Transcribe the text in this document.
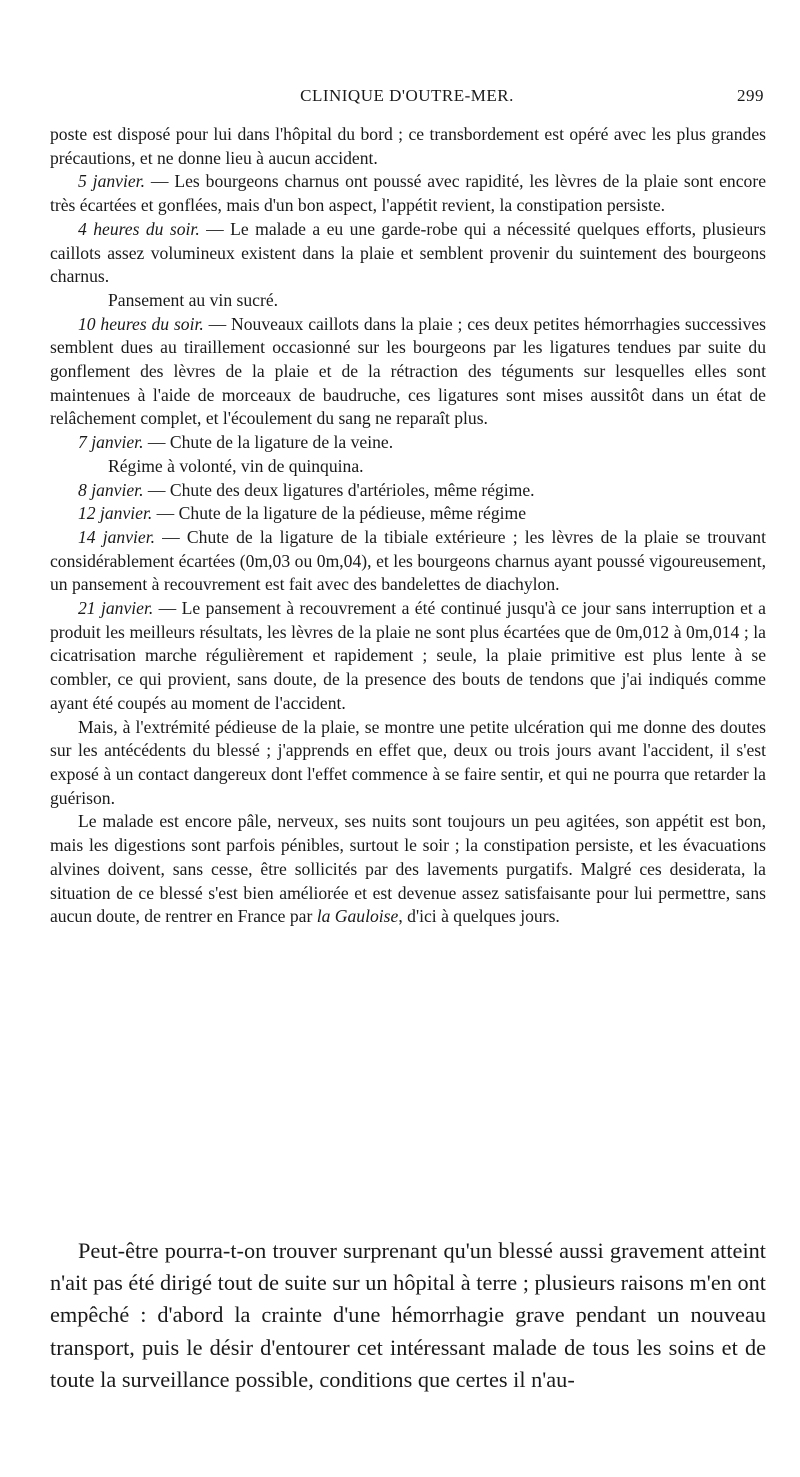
CLINIQUE D'OUTRE-MER.	299

poste est disposé pour lui dans l'hôpital du bord ; ce transbordement est opéré avec les plus grandes précautions, et ne donne lieu à aucun accident.

5 janvier. — Les bourgeons charnus ont poussé avec rapidité, les lèvres de la plaie sont encore très écartées et gonflées, mais d'un bon aspect, l'appétit revient, la constipation persiste.

4 heures du soir. — Le malade a eu une garde-robe qui a nécessité quelques efforts, plusieurs caillots assez volumineux existent dans la plaie et semblent provenir du suintement des bourgeons charnus.

Pansement au vin sucré.

10 heures du soir. — Nouveaux caillots dans la plaie ; ces deux petites hémorrhagies successives semblent dues au tiraillement occasionné sur les bourgeons par les ligatures tendues par suite du gonflement des lèvres de la plaie et de la rétraction des téguments sur lesquelles elles sont maintenues à l'aide de morceaux de baudruche, ces ligatures sont mises aussitôt dans un état de relâchement complet, et l'écoulement du sang ne reparaît plus.

7 janvier. — Chute de la ligature de la veine.

Régime à volonté, vin de quinquina.

8 janvier. — Chute des deux ligatures d'artérioles, même régime.

12 janvier. — Chute de la ligature de la pédieuse, même régime

14 janvier. — Chute de la ligature de la tibiale extérieure ; les lèvres de la plaie se trouvant considérablement écartées (0m,03 ou 0m,04), et les bourgeons charnus ayant poussé vigoureusement, un pansement à recouvrement est fait avec des bandelettes de diachylon.

21 janvier. — Le pansement à recouvrement a été continué jusqu'à ce jour sans interruption et a produit les meilleurs résultats, les lèvres de la plaie ne sont plus écartées que de 0m,012 à 0m,014 ; la cicatrisation marche régulièrement et rapidement ; seule, la plaie primitive est plus lente à se combler, ce qui provient, sans doute, de la presence des bouts de tendons que j'ai indiqués comme ayant été coupés au moment de l'accident.

Mais, à l'extrémité pédieuse de la plaie, se montre une petite ulcération qui me donne des doutes sur les antécédents du blessé ; j'apprends en effet que, deux ou trois jours avant l'accident, il s'est exposé à un contact dangereux dont l'effet commence à se faire sentir, et qui ne pourra que retarder la guérison.

Le malade est encore pâle, nerveux, ses nuits sont toujours un peu agitées, son appétit est bon, mais les digestions sont parfois pénibles, surtout le soir ; la constipation persiste, et les évacuations alvines doivent, sans cesse, être sollicités par des lavements purgatifs. Malgré ces desiderata, la situation de ce blessé s'est bien améliorée et est devenue assez satisfaisante pour lui permettre, sans aucun doute, de rentrer en France par la Gauloise, d'ici à quelques jours.

Peut-être pourra-t-on trouver surprenant qu'un blessé aussi gravement atteint n'ait pas été dirigé tout de suite sur un hôpital à terre ; plusieurs raisons m'en ont empêché : d'abord la crainte d'une hémorrhagie grave pendant un nouveau transport, puis le désir d'entourer cet intéressant malade de tous les soins et de toute la surveillance possible, conditions que certes il n'au-
